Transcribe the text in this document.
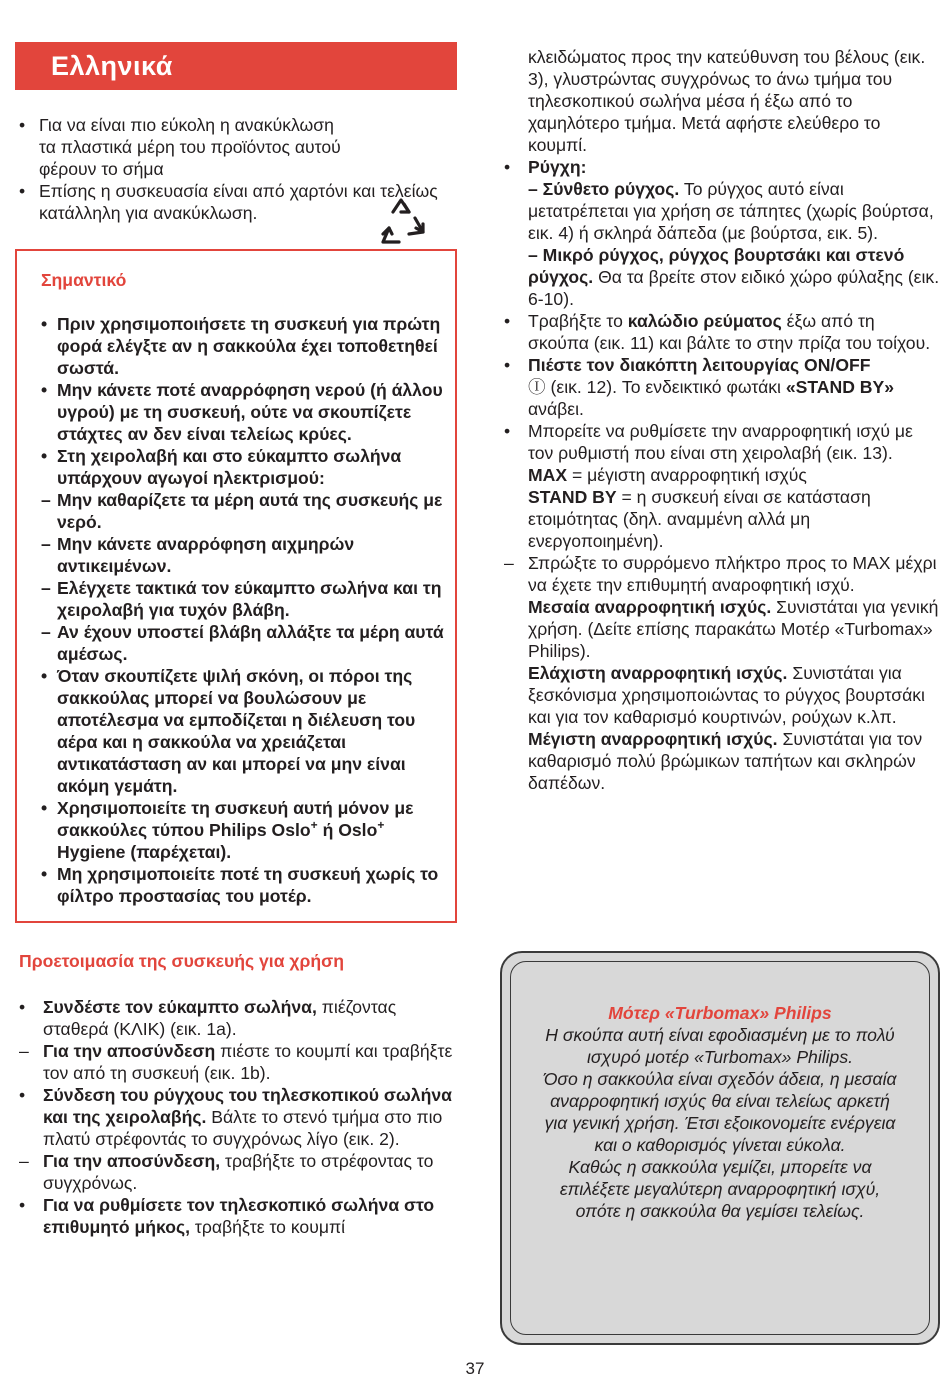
Ελληνικά
• Για να είναι πιο εύκολη η ανακύκλωση τα πλαστικά μέρη του προϊόντος αυτού φέρουν το σήμα
• Επίσης η συσκευασία είναι από χαρτόνι και τελείως κατάλληλη για ανακύκλωση.
Σημαντικό
• Πριν χρησιμοποιήσετε τη συσκευή για πρώτη φορά ελέγξτε αν η σακκούλα έχει τοποθετηθεί σωστά.
• Μην κάνετε ποτέ αναρρόφηση νερού (ή άλλου υγρού) με τη συσκευή, ούτε να σκουπίζετε στάχτες αν δεν είναι τελείως κρύες.
• Στη χειρολαβή και στο εύκαμπτο σωλήνα υπάρχουν αγωγοί ηλεκτρισμού:
– Μην καθαρίζετε τα μέρη αυτά της συσκευής με νερό.
– Μην κάνετε αναρρόφηση αιχμηρών αντικειμένων.
– Ελέγχετε τακτικά τον εύκαμπτο σωλήνα και τη χειρολαβή για τυχόν βλάβη.
– Αν έχουν υποστεί βλάβη αλλάξτε τα μέρη αυτά αμέσως.
• Όταν σκουπίζετε ψιλή σκόνη, οι πόροι της σακκούλας μπορεί να βουλώσουν με αποτέλεσμα να εμποδίζεται η διέλευση του αέρα και η σακκούλα να χρειάζεται αντικατάσταση αν και μπορεί να μην είναι ακόμη γεμάτη.
• Χρησιμοποιείτε τη συσκευή αυτή μόνον με σακκούλες τύπου Philips Oslo+ ή Oslo+ Hygiene (παρέχεται).
• Μη χρησιμοποιείτε ποτέ τη συσκευή χωρίς το φίλτρο προστασίας του μοτέρ.
Προετοιμασία της συσκευής για χρήση
• Συνδέστε τον εύκαμπτο σωλήνα, πιέζοντας σταθερά (ΚΛΙΚ) (εικ. 1a).
– Για την αποσύνδεση πιέστε το κουμπί και τραβήξτε τον από τη συσκευή (εικ. 1b).
• Σύνδεση του ρύγχους του τηλεσκοπικού σωλήνα και της χειρολαβής. Βάλτε το στενό τμήμα στο πιο πλατύ στρέφοντάς το συγχρόνως λίγο (εικ. 2).
– Για την αποσύνδεση, τραβήξτε το στρέφοντας το συγχρόνως.
• Για να ρυθμίσετε τον τηλεσκοπικό σωλήνα στο επιθυμητό μήκος, τραβήξτε το κουμπί
κλειδώματος προς την κατεύθυνση του βέλους (εικ. 3), γλυστρώντας συγχρόνως το άνω τμήμα του τηλεσκοπικού σωλήνα μέσα ή έξω από το χαμηλότερο τμήμα. Μετά αφήστε ελεύθερο το κουμπί.
• Ρύγχη:
– Σύνθετο ρύγχος. Το ρύγχος αυτό είναι μετατρέπεται για χρήση σε τάπητες (χωρίς βούρτσα, εικ. 4) ή σκληρά δάπεδα (με βούρτσα, εικ. 5).
– Μικρό ρύγχος, ρύγχος βουρτσάκι και στενό ρύγχος. Θα τα βρείτε στον ειδικό χώρο φύλαξης (εικ. 6-10).
• Τραβήξτε το καλώδιο ρεύματος έξω από τη σκούπα (εικ. 11) και βάλτε το στην πρίζα του τοίχου.
• Πιέστε τον διακόπτη λειτουργίας ON/OFF
Ⓘ (εικ. 12). Το ενδεικτικό φωτάκι «STAND BY» ανάβει.
• Μπορείτε να ρυθμίσετε την αναρροφητική ισχύ με τον ρυθμιστή που είναι στη χειρολαβή (εικ. 13).
MAX = μέγιστη αναρροφητική ισχύς
STAND BY = η συσκευή είναι σε κατάσταση ετοιμότητας (δηλ. αναμμένη αλλά μη ενεργοποιημένη).
– Σπρώξτε το συρρόμενο πλήκτρο προς το MAX μέχρι να έχετε την επιθυμητή αναροφητική ισχύ.
Μεσαία αναρροφητική ισχύς. Συνιστάται για γενική χρήση. (Δείτε επίσης παρακάτω Μοτέρ «Turbomax» Philips).
Ελάχιστη αναρροφητική ισχύς. Συνιστάται για ξεσκόνισμα χρησιμοποιώντας το ρύγχος βουρτσάκι και για τον καθαρισμό κουρτινών, ρούχων κ.λπ.
Μέγιστη αναρροφητική ισχύς. Συνιστάται για τον καθαρισμό πολύ βρώμικων ταπήτων και σκληρών δαπέδων.
Μότερ «Turbomax» Philips
Η σκούπα αυτή είναι εφοδιασμένη με το πολύ ισχυρό μοτέρ «Turbomax» Philips.
Όσο η σακκούλα είναι σχεδόν άδεια, η μεσαία αναρροφητική ισχύς θα είναι τελείως αρκετή για γενική χρήση. Έτσι εξοικονομείτε ενέργεια και ο καθορισμός γίνεται εύκολα.
Καθώς η σακκούλα γεμίζει, μπορείτε να επιλέξετε μεγαλύτερη αναρροφητική ισχύ, οπότε η σακκούλα θα γεμίσει τελείως.
37
